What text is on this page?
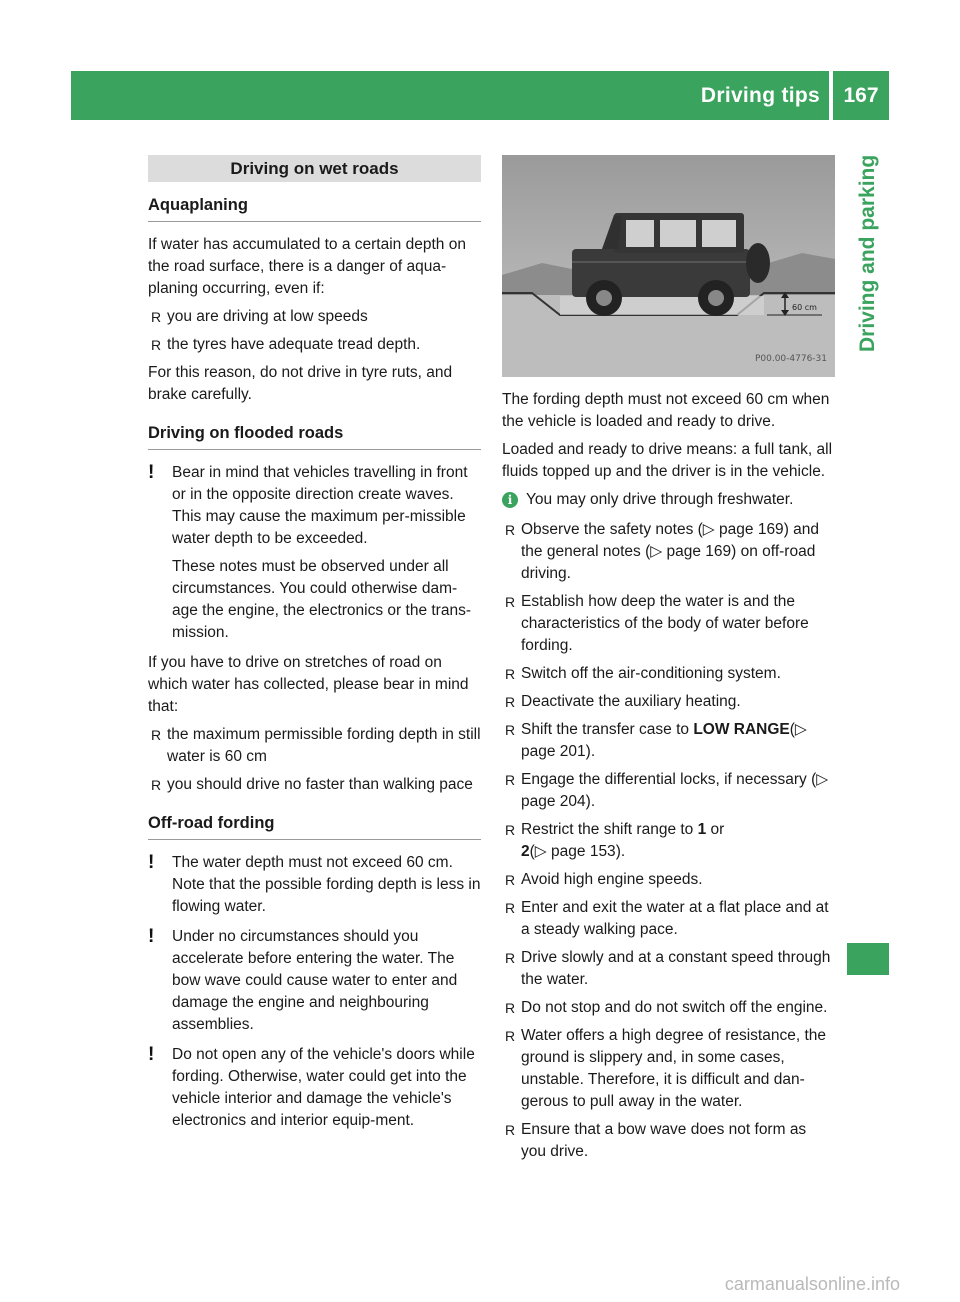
Driving tips	167
Driving and parking
Driving on wet roads
Aquaplaning

If water has accumulated to a certain depth on the road surface, there is a danger of aqua-planing occurring, even if:

R you are driving at low speeds
R the tyres have adequate tread depth.

For this reason, do not drive in tyre ruts, and brake carefully.

Driving on flooded roads
!	Bear in mind that vehicles travelling in front or in the opposite direction create waves. This may cause the maximum per-missible water depth to be exceeded.

These notes must be observed under all circumstances. You could otherwise dam-age the engine, the electronics or the trans-mission.

If you have to drive on stretches of road on which water has collected, please bear in mind that:

R the maximum permissible fording depth in still water is 60 cm
R you should drive no faster than walking pace
Off-road fording
!	The water depth must not exceed 60 cm. Note that the possible fording depth is less in flowing water.

!	Under no circumstances should you accelerate before entering the water. The bow wave could cause water to enter and damage the engine and neighbouring assemblies.

!	Do not open any of the vehicle's doors while fording. Otherwise, water could get into the vehicle interior and damage the vehicle's electronics and interior equip-ment.

60 cm
P00.00-4776-31

The fording depth must not exceed 60 cm when the vehicle is loaded and ready to drive.

Loaded and ready to drive means: a full tank, all fluids topped up and the driver is in the vehicle.

i You may only drive through freshwater.

R Observe the safety notes (▷ page 169) and the general notes (▷ page 169) on off-road driving.
R Establish how deep the water is and the characteristics of the body of water before fording.
R Switch off the air-conditioning system.
R Deactivate the auxiliary heating.
R Shift the transfer case to LOW RANGE(▷ page 201).
R Engage the differential locks, if necessary (▷ page 204).
R Restrict the shift range to 1 or
2(▷ page 153).
R Avoid high engine speeds.
R Enter and exit the water at a flat place and at a steady walking pace.
R Drive slowly and at a constant speed through the water.
R Do not stop and do not switch off the engine.
R Water offers a high degree of resistance, the ground is slippery and, in some cases, unstable. Therefore, it is difficult and dan-gerous to pull away in the water.
R Ensure that a bow wave does not form as you drive.
carmanualsonline.info
